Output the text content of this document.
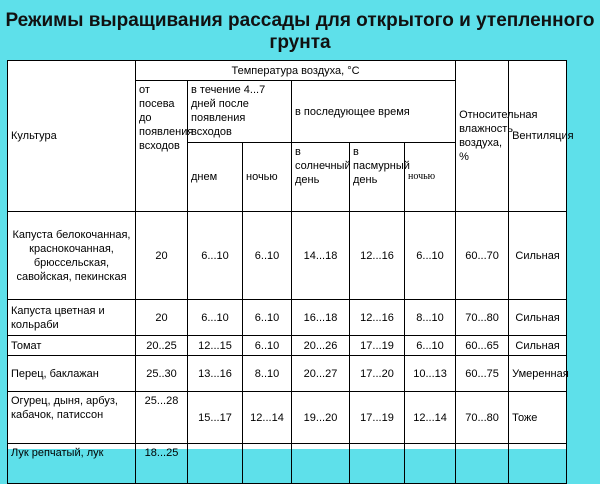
Режимы выращивания рассады для открытого и утепленного грунта
Культура	Температура воздуха, °С						Относительная влажность воздуха, %	Вентиляция
	от посева до появления всходов	в течение 4...7 дней после появления всходов		в последующее время				
		днем	ночью	в солнечный день	в пасмурный день	ночью		

Капуста белокочанная, краснокочанная, брюссельская, савойская, пекинская	20	6...10	6..10	14...18	12...16	6...10	60...70	Сильная
Капуста цветная и кольраби	20	6...10	6..10	16...18	12...16	8...10	70...80	Сильная
Томат	20..25	12...15	6..10	20...26	17...19	6...10	60...65	Сильная
Перец, баклажан	25..30	13...16	8..10	20...27	17...20	10...13	60...75	Умеренная
Огурец, дыня, арбуз, кабачок, патиссон	25...28	15...17	12...14	19...20	17...19	12...14	70...80	Тоже
Лук репчатый, лук	18...25							
